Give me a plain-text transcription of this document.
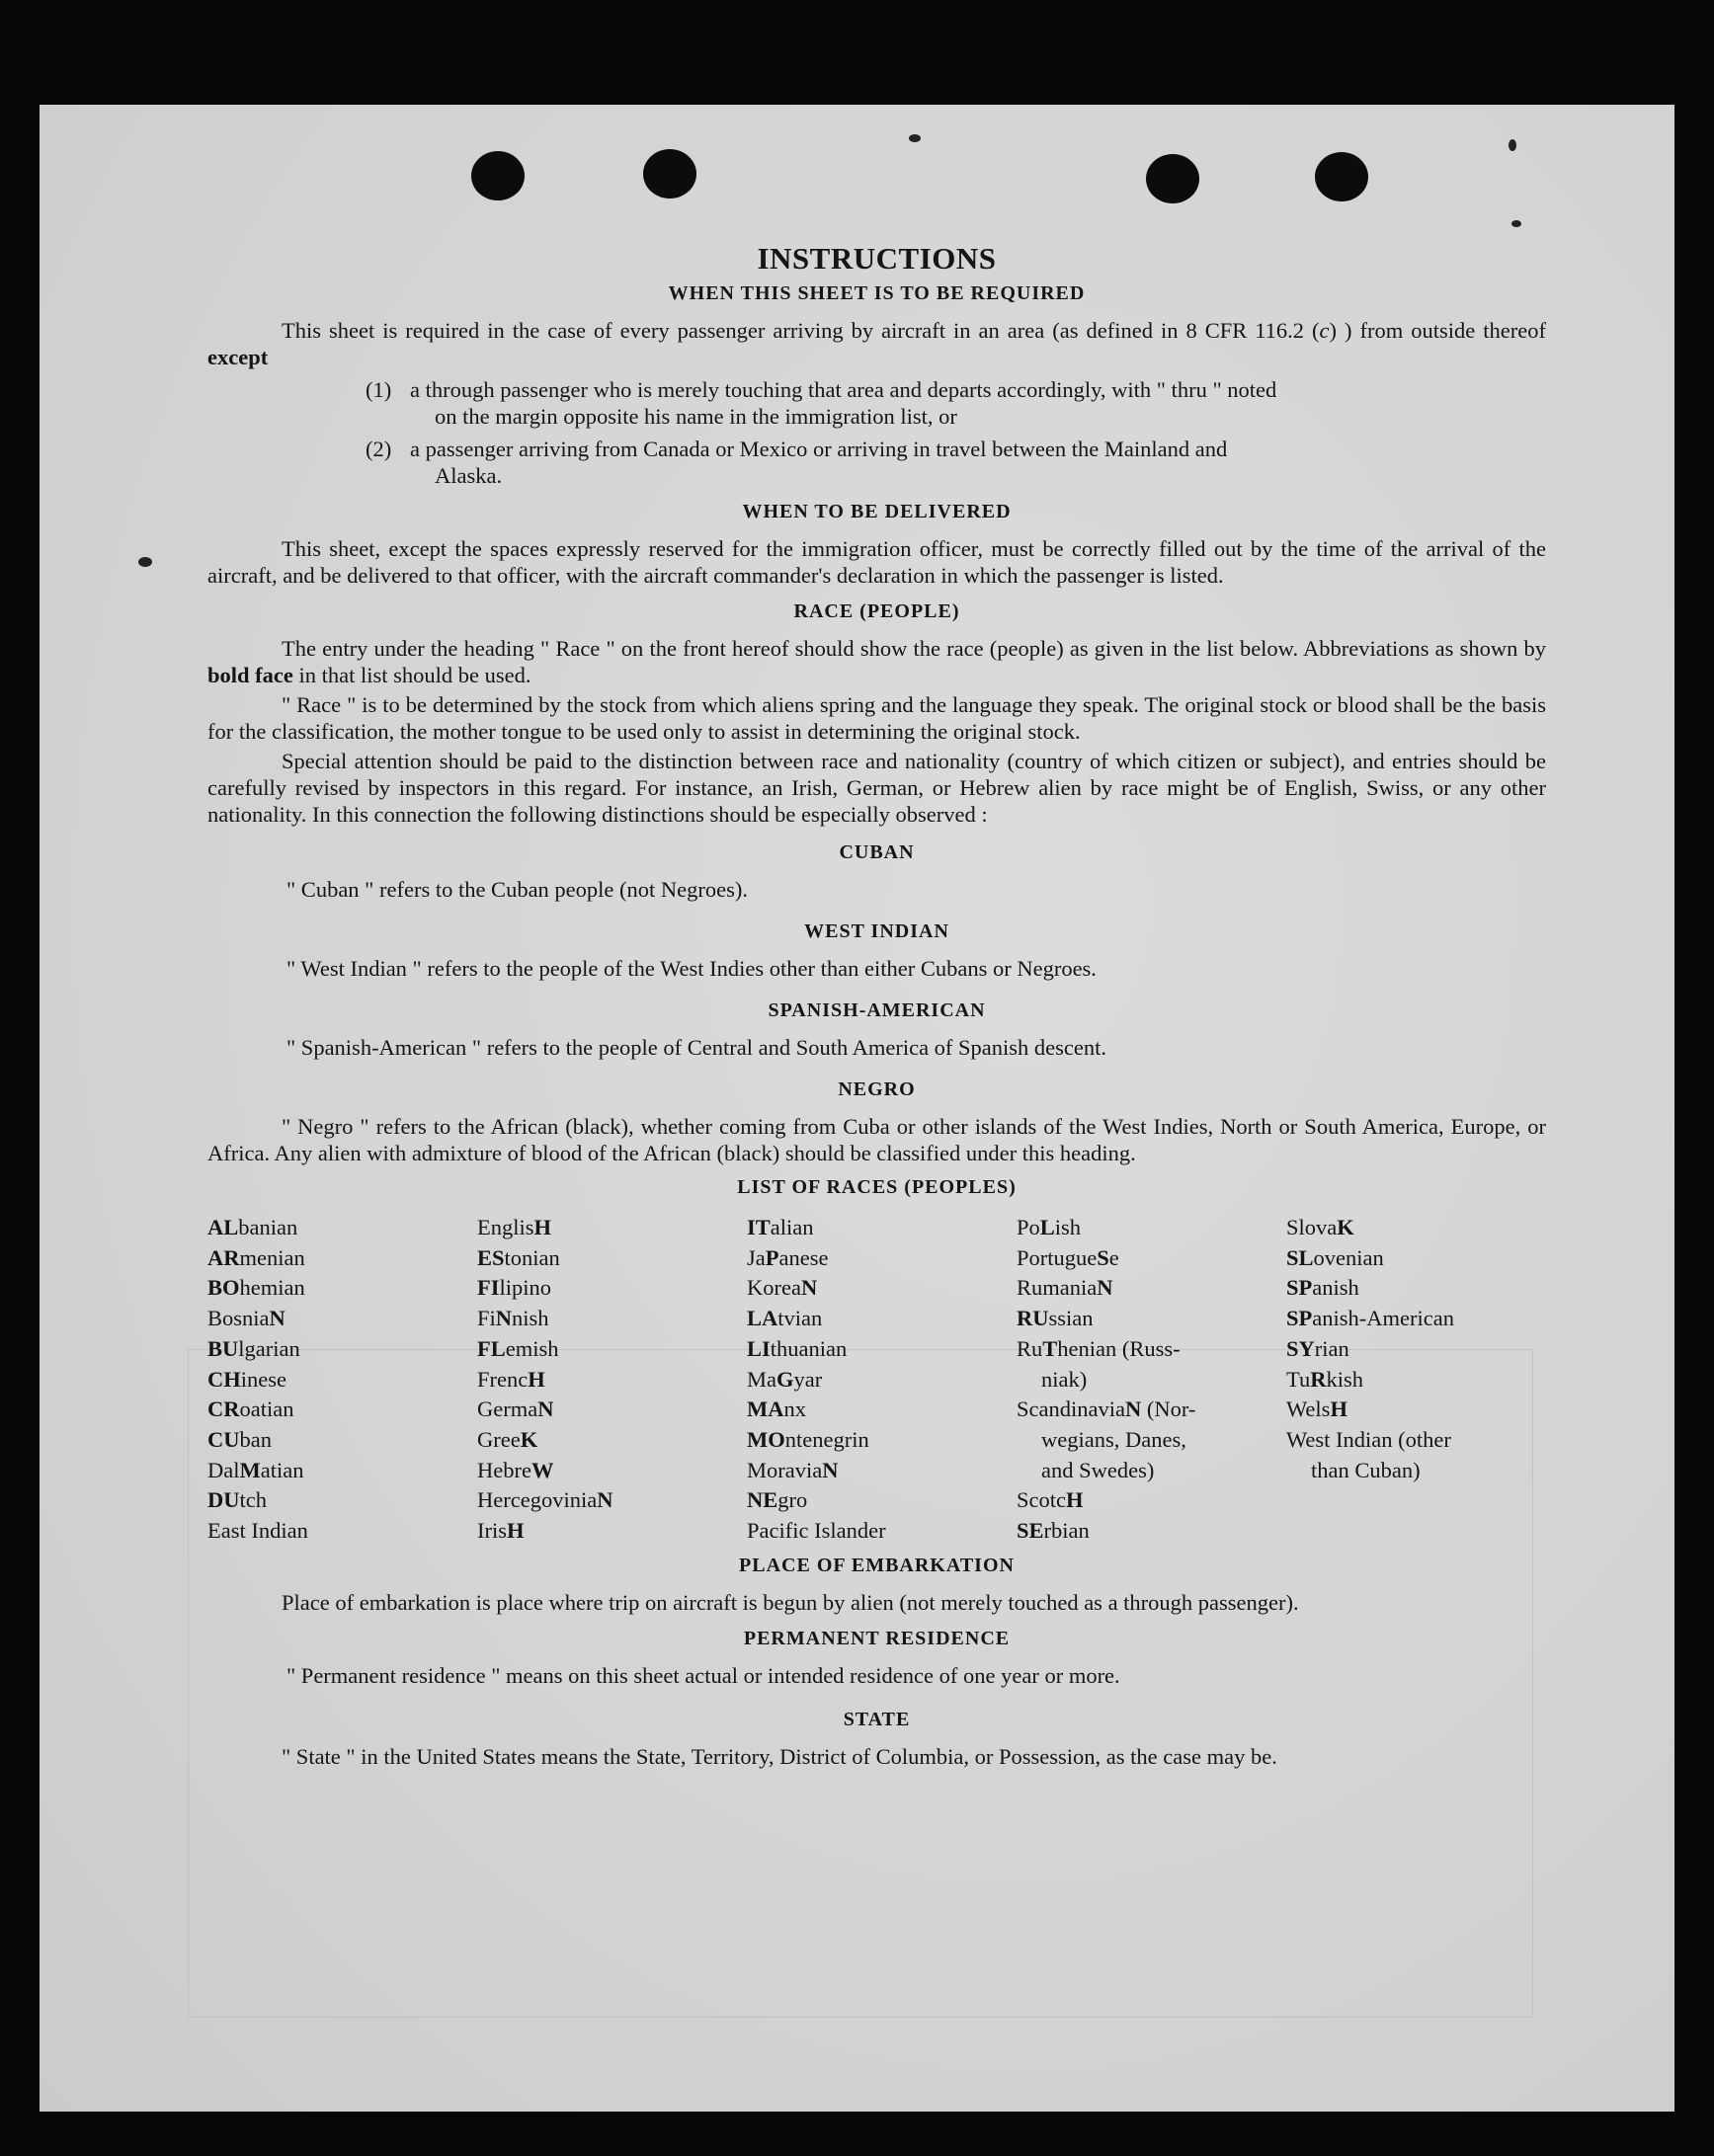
INSTRUCTIONS
WHEN THIS SHEET IS TO BE REQUIRED

This sheet is required in the case of every passenger arriving by aircraft in an area (as defined in 8 CFR 116.2 (c) ) from outside thereof except

(1) a through passenger who is merely touching that area and departs accordingly, with " thru " noted
on the margin opposite his name in the immigration list, or
(2) a passenger arriving from Canada or Mexico or arriving in travel between the Mainland and
Alaska.
WHEN TO BE DELIVERED

This sheet, except the spaces expressly reserved for the immigration officer, must be correctly filled out by the time of the arrival of the aircraft, and be delivered to that officer, with the aircraft commander's declaration in which the passenger is listed.

RACE (PEOPLE)

The entry under the heading " Race " on the front hereof should show the race (people) as given in the list below. Abbreviations as shown by bold face in that list should be used.

" Race " is to be determined by the stock from which aliens spring and the language they speak. The original stock or blood shall be the basis for the classification, the mother tongue to be used only to assist in determining the original stock.

Special attention should be paid to the distinction between race and nationality (country of which citizen or subject), and entries should be carefully revised by inspectors in this regard. For instance, an Irish, German, or Hebrew alien by race might be of English, Swiss, or any other nationality. In this connection the following distinctions should be especially observed :

CUBAN
" Cuban " refers to the Cuban people (not Negroes).
WEST INDIAN
" West Indian " refers to the people of the West Indies other than either Cubans or Negroes.
SPANISH-AMERICAN
" Spanish-American " refers to the people of Central and South America of Spanish descent.
NEGRO

" Negro " refers to the African (black), whether coming from Cuba or other islands of the West Indies, North or South America, Europe, or Africa. Any alien with admixture of blood of the African (black) should be classified under this heading.

LIST OF RACES (PEOPLES)
ALbanian
ARmenian
BOhemian
BosniaN
BUlgarian
CHinese
CRoatian
CUban
DalMatian
DUtch
East Indian
EnglisH
EStonian
FIlipino
FiNnish
FLemish
FrencH
GermaN
GreeK
HebreW
HercegoviniaN
IrisH
ITalian
JaPanese
KoreaN
LAtvian
LIthuanian
MaGyar
MAnx
MOntenegrin
MoraviaN
NEgro
Pacific Islander
PoLish
PortugueSe
RumaniaN
RUssian
RuThenian (Russ-
niak)
ScandinaviaN (Nor-
wegians, Danes,
and Swedes)
ScotcH
SErbian
SlovaK
SLovenian
SPanish
SPanish-American
SYrian
TuRkish
WelsH
West Indian (other
than Cuban)
PLACE OF EMBARKATION

Place of embarkation is place where trip on aircraft is begun by alien (not merely touched as a through passenger).

PERMANENT RESIDENCE
" Permanent residence " means on this sheet actual or intended residence of one year or more.
STATE

" State " in the United States means the State, Territory, District of Columbia, or Possession, as the case may be.
